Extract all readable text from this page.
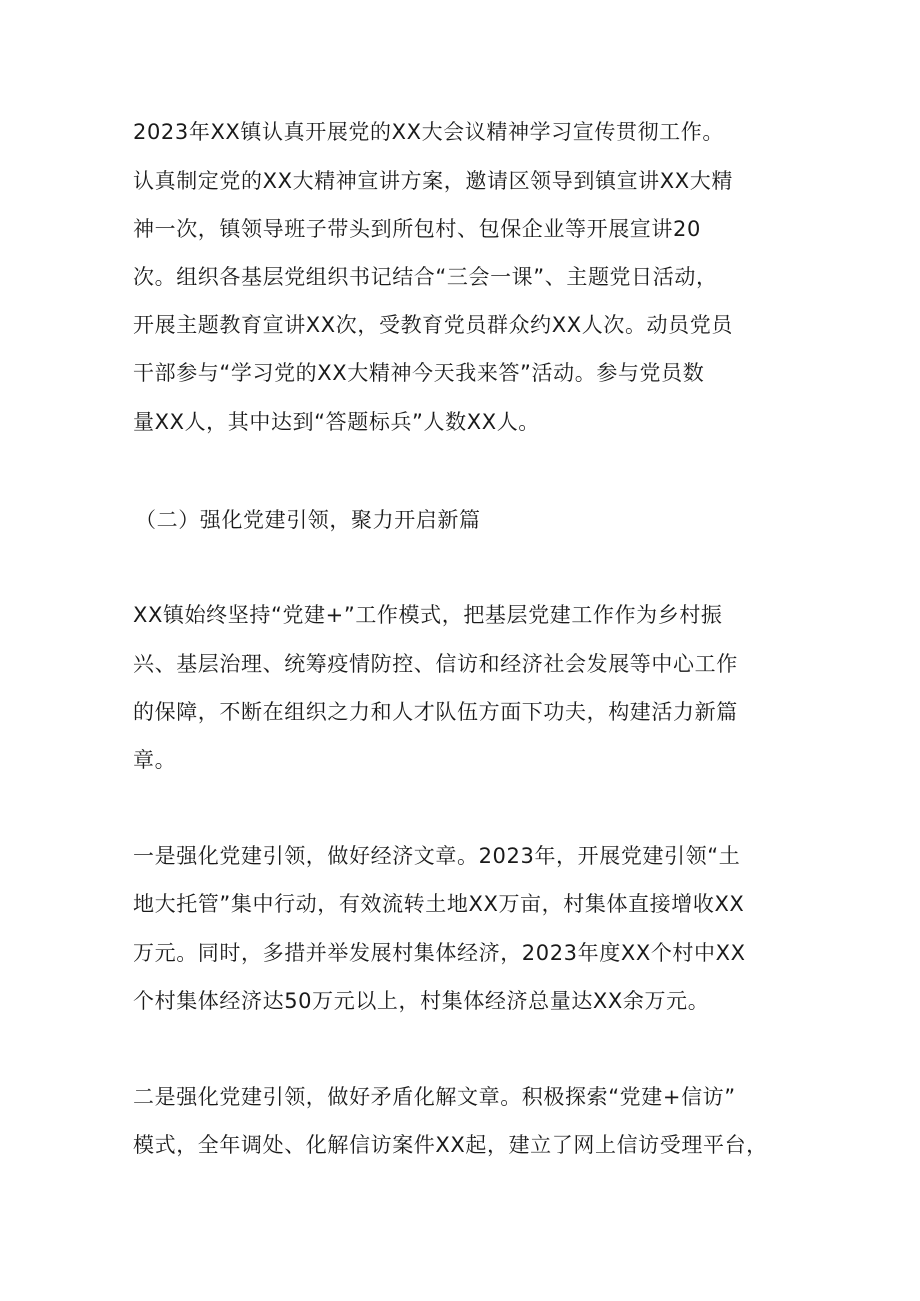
2023年XX镇认真开展党的XX大会议精神学习宣传贯彻工作。

认真制定党的XX大精神宣讲方案，邀请区领导到镇宣讲XX大精

神一次，镇领导班子带头到所包村、包保企业等开展宣讲20

次。组织各基层党组织书记结合“三会一课”、主题党日活动，

开展主题教育宣讲XX次，受教育党员群众约XX人次。动员党员

干部参与“学习党的XX大精神今天我来答”活动。参与党员数

量XX人，其中达到“答题标兵”人数XX人。

（二）强化党建引领，聚力开启新篇

XX镇始终坚持“党建+”工作模式，把基层党建工作作为乡村振

兴、基层治理、统筹疫情防控、信访和经济社会发展等中心工作

的保障，不断在组织之力和人才队伍方面下功夫，构建活力新篇

章。

一是强化党建引领，做好经济文章。2023年，开展党建引领“土

地大托管”集中行动，有效流转土地XX万亩，村集体直接增收XX

万元。同时，多措并举发展村集体经济，2023年度XX个村中XX

个村集体经济达50万元以上，村集体经济总量达XX余万元。

二是强化党建引领，做好矛盾化解文章。积极探索“党建+信访”

模式，全年调处、化解信访案件XX起，建立了网上信访受理平台，
